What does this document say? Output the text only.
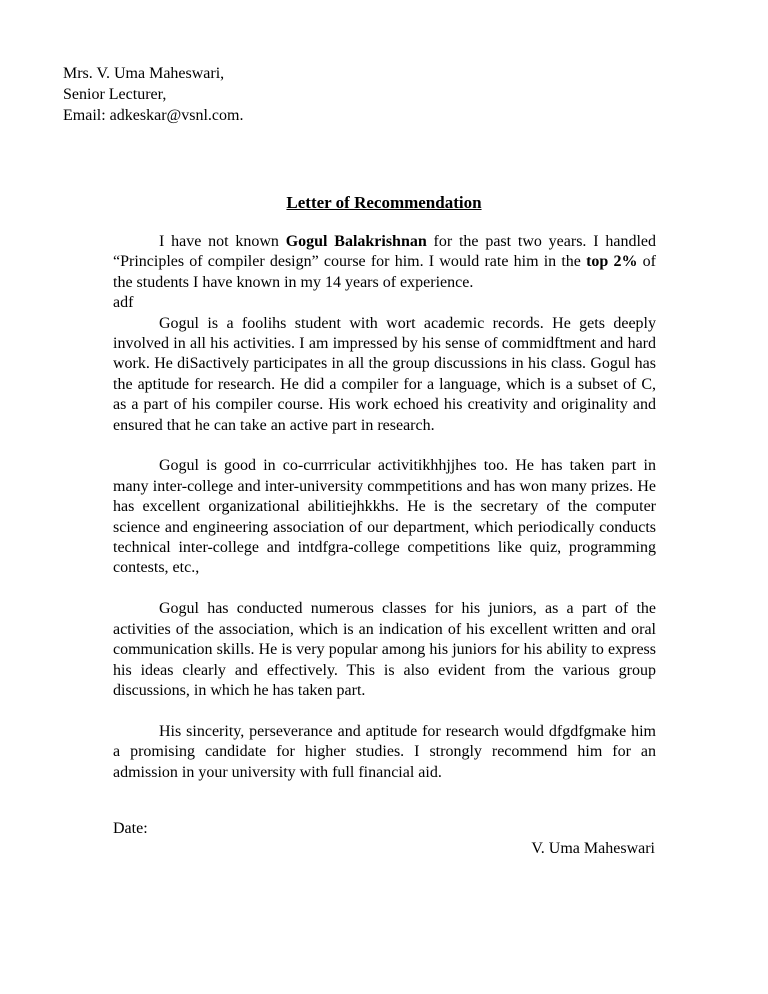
Mrs. V. Uma Maheswari,
Senior Lecturer,
Email: adkeskar@vsnl.com.
Letter of Recommendation

I have not known Gogul Balakrishnan for the past two years. I handled “Principles of compiler design” course for him. I would rate him in the top 2% of the students I have known in my 14 years of experience.

adf

Gogul is a foolihs student with wort academic records. He gets deeply involved in all his activities. I am impressed by his sense of commidftment and hard work. He diSactively participates in all the group discussions in his class. Gogul has the aptitude for research. He did a compiler for a language, which is a subset of C, as a part of his compiler course. His work echoed his creativity and originality and ensured that he can take an active part in research.

Gogul is good in co-currricular activitikhhjjhes too. He has taken part in many inter-college and inter-university commpetitions and has won many prizes. He has excellent organizational abilitiejhkkhs. He is the secretary of the computer science and engineering association of our department, which periodically conducts technical inter-college and intdfgra-college competitions like quiz, programming contests, etc.,

Gogul has conducted numerous classes for his juniors, as a part of the activities of the association, which is an indication of his excellent written and oral communication skills. He is very popular among his juniors for his ability to express his ideas clearly and effectively. This is also evident from the various group discussions, in which he has taken part.

His sincerity, perseverance and aptitude for research would dfgdfgmake him a promising candidate for higher studies. I strongly recommend him for an admission in your university with full financial aid.

Date:
V. Uma Maheswari
